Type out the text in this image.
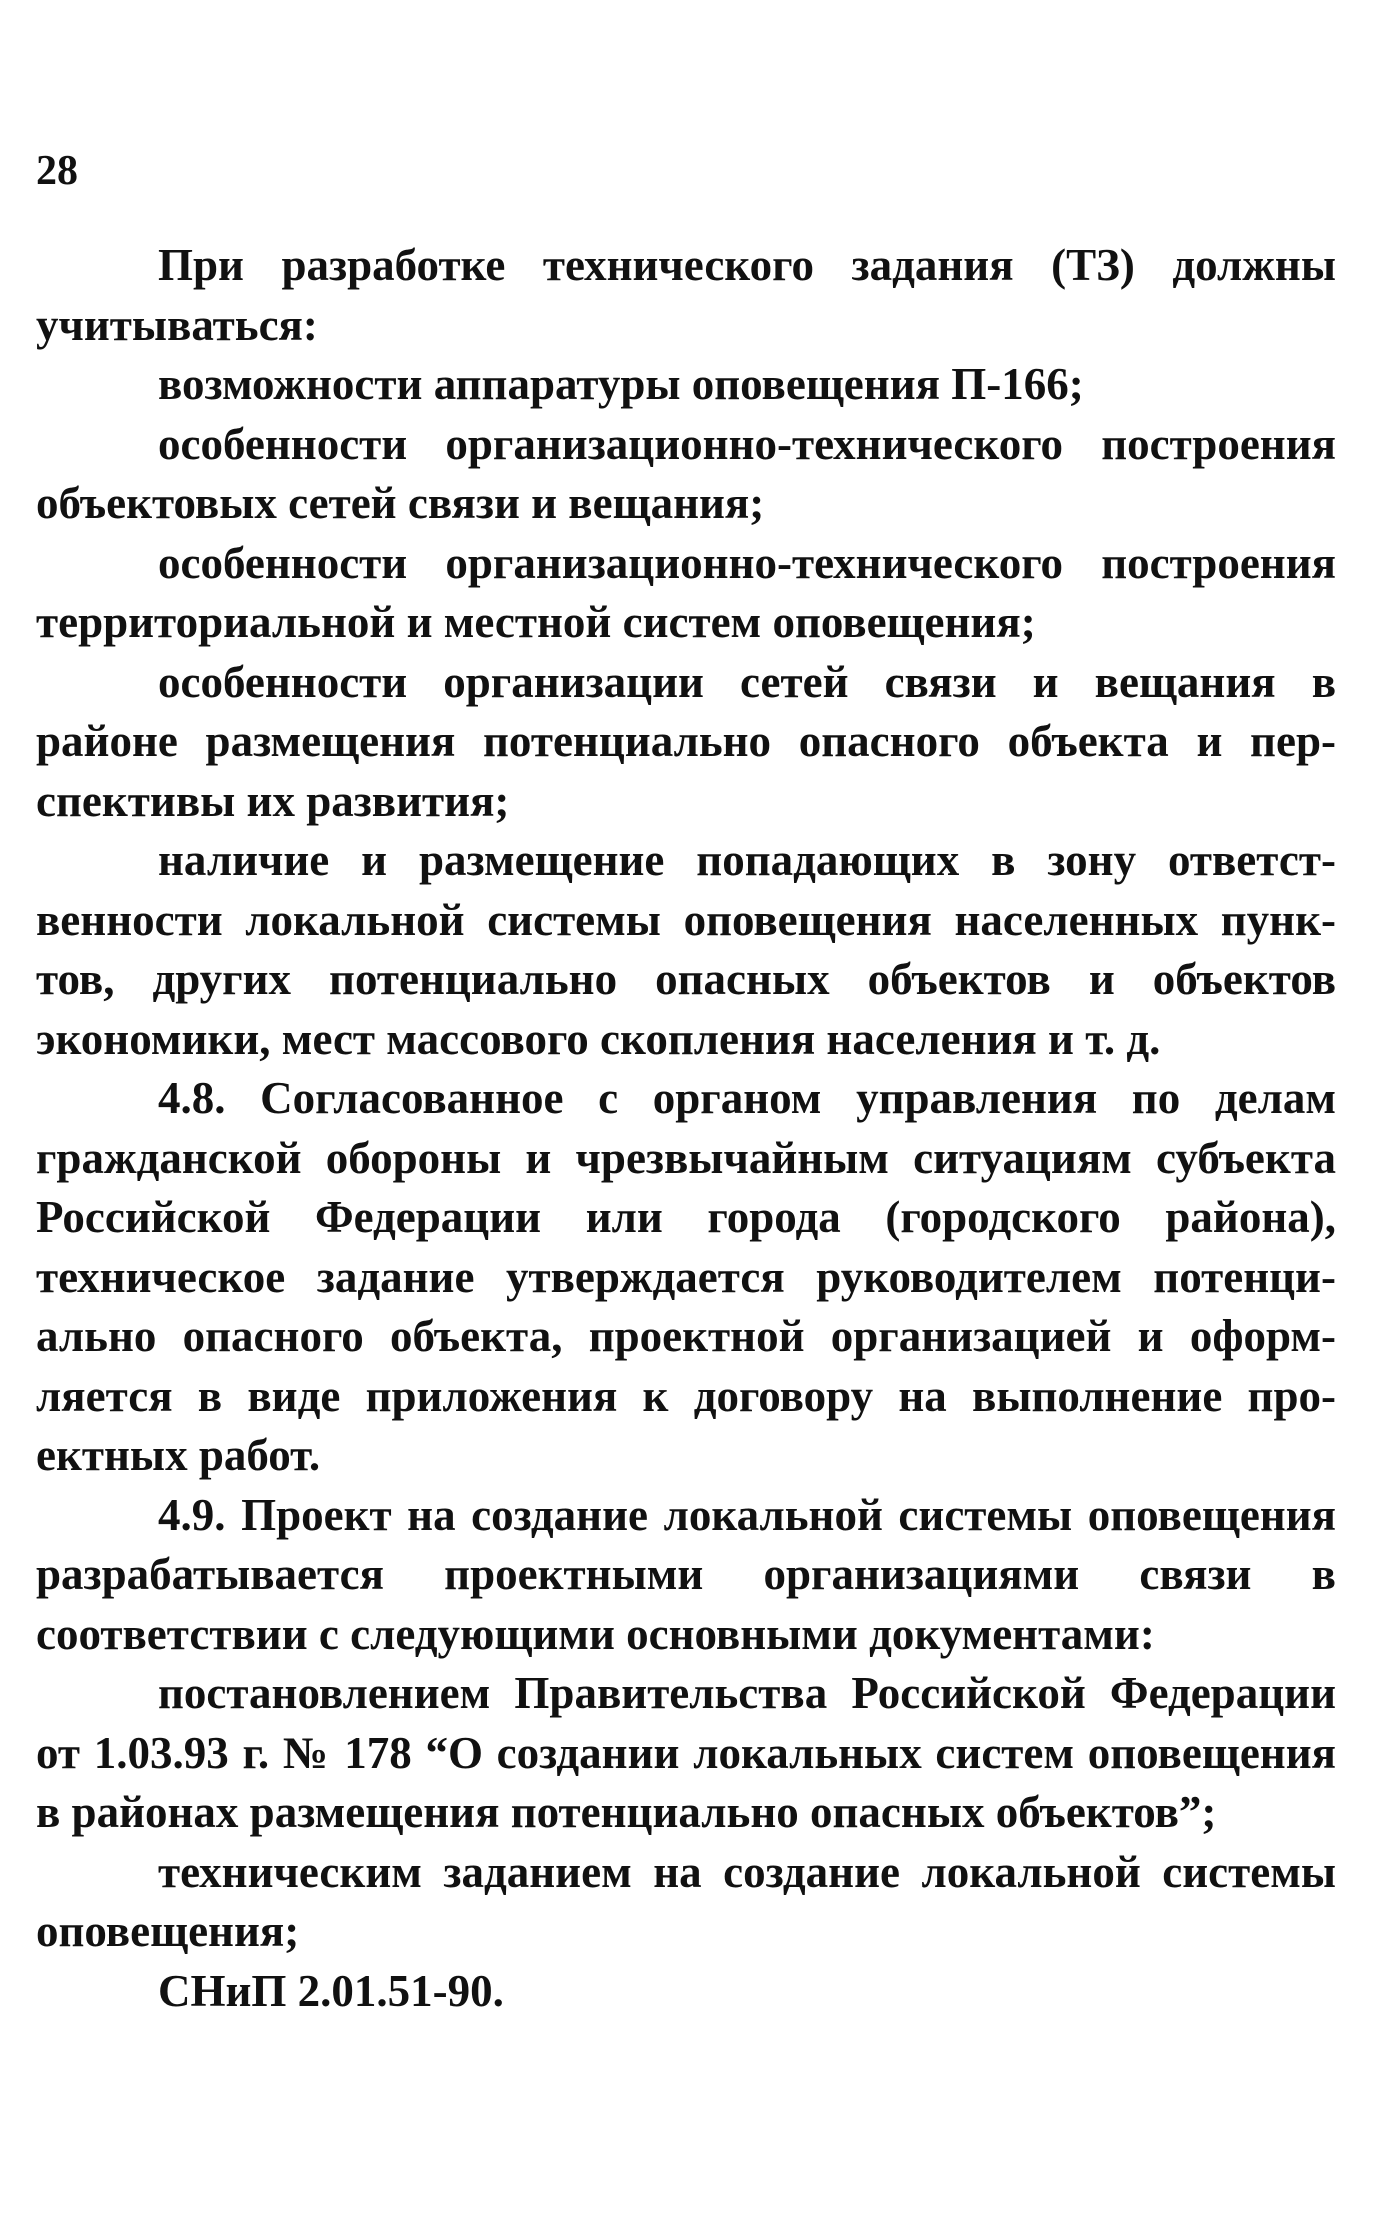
28

При разработке технического задания (ТЗ) должны учитываться:

возможности аппаратуры оповещения П-166;

особенности организационно-технического построения объектовых сетей связи и вещания;

особенности организационно-технического построения территориальной и местной систем оповещения;

особенности организации сетей связи и вещания в районе размещения потенциально опасного объекта и перспективы их развития;

наличие и размещение попадающих в зону ответственности локальной системы оповещения населенных пунктов, других потенциально опасных объектов и объектов экономики, мест массового скопления населения и т. д.

4.8. Согласованное с органом управления по делам гражданской обороны и чрезвычайным ситуациям субъекта Российской Федерации или города (городского района), техническое задание утверждается руководителем потенциально опасного объекта, проектной организацией и оформляется в виде приложения к договору на выполнение проектных работ.

4.9. Проект на создание локальной системы оповещения разрабатывается проектными организациями связи в соответствии с следующими основными документами:

постановлением Правительства Российской Федерации от 1.03.93 г. № 178 “О создании локальных систем оповещения в районах размещения потенциально опасных объектов”;

техническим заданием на создание локальной системы оповещения;

СНиП 2.01.51-90.
